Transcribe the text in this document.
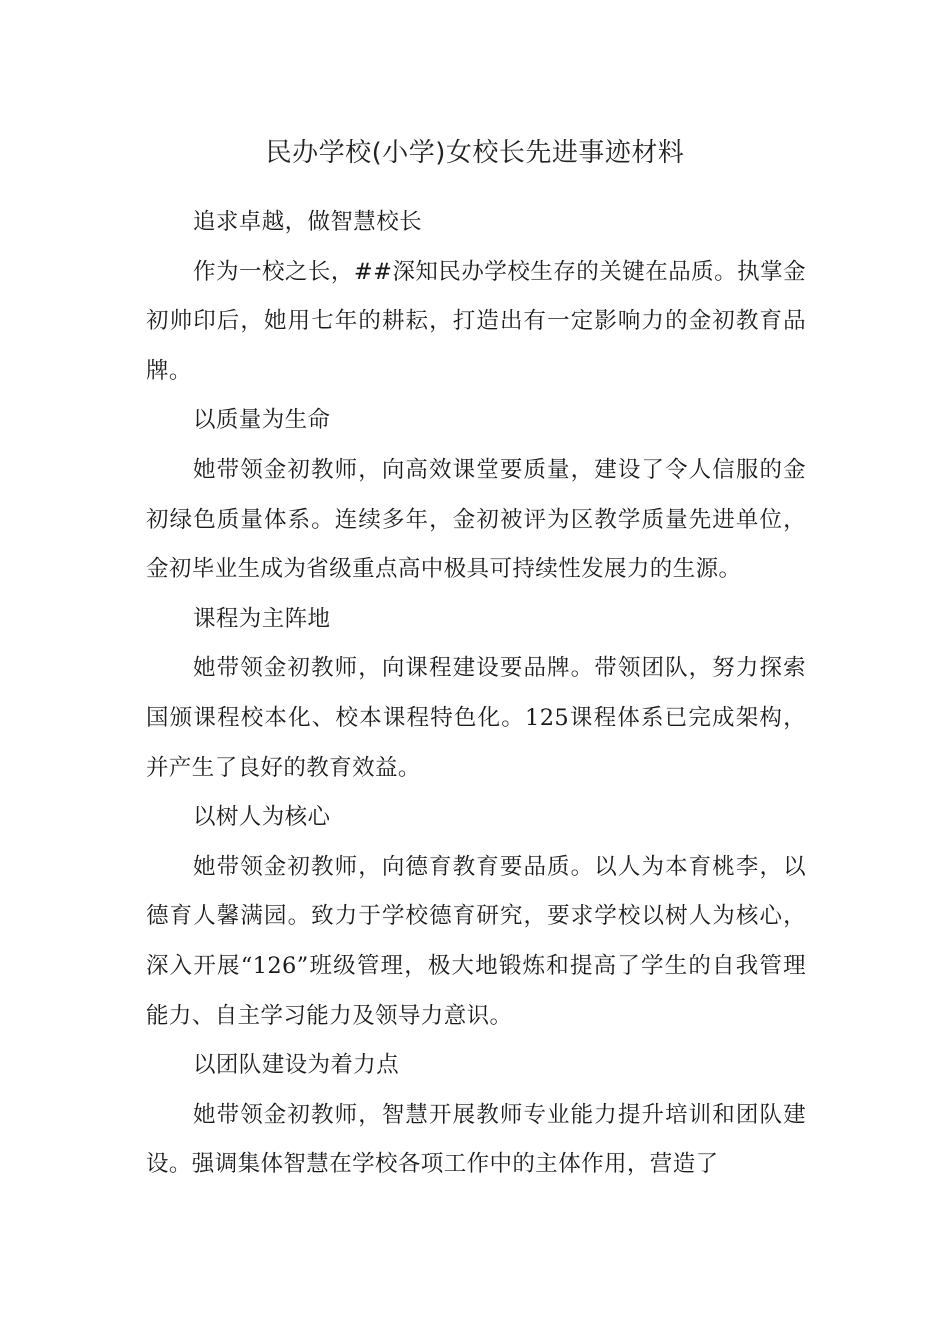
民办学校(小学)女校长先进事迹材料

追求卓越，做智慧校长

作为一校之长，##深知民办学校生存的关键在品质。执掌金初帅印后，她用七年的耕耘，打造出有一定影响力的金初教育品牌。

以质量为生命

她带领金初教师，向高效课堂要质量，建设了令人信服的金初绿色质量体系。连续多年，金初被评为区教学质量先进单位，金初毕业生成为省级重点高中极具可持续性发展力的生源。

课程为主阵地

她带领金初教师，向课程建设要品牌。带领团队，努力探索国颁课程校本化、校本课程特色化。125课程体系已完成架构，并产生了良好的教育效益。

以树人为核心

她带领金初教师，向德育教育要品质。以人为本育桃李，以德育人馨满园。致力于学校德育研究，要求学校以树人为核心，深入开展“126”班级管理，极大地锻炼和提高了学生的自我管理能力、自主学习能力及领导力意识。

以团队建设为着力点

她带领金初教师，智慧开展教师专业能力提升培训和团队建设。强调集体智慧在学校各项工作中的主体作用，营造了
